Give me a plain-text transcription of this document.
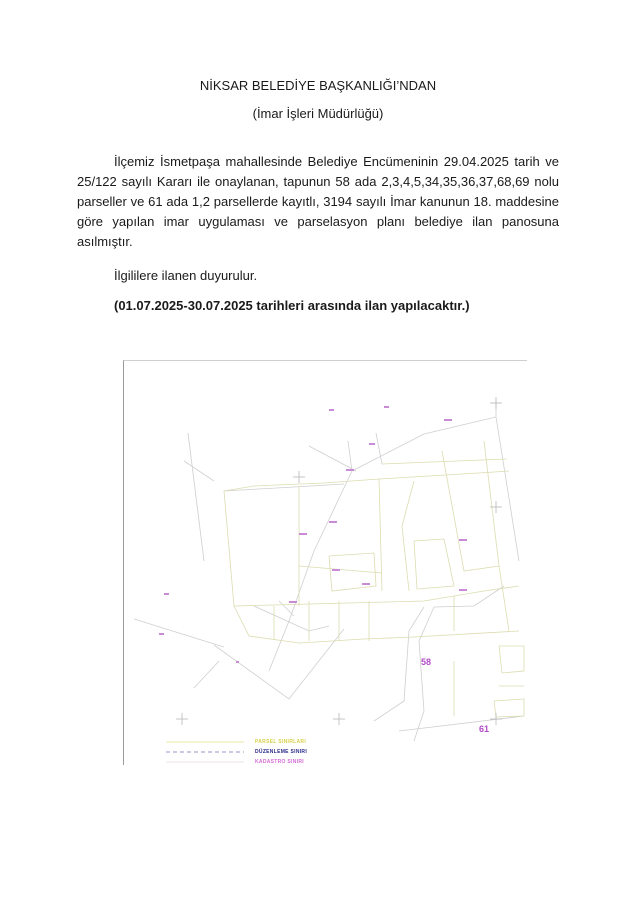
NİKSAR BELEDİYE BAŞKANLIĞI’NDAN
(İmar İşleri Müdürlüğü)
İlçemiz İsmetpaşa mahallesinde Belediye Encümeninin 29.04.2025 tarih ve 25/122 sayılı Kararı ile onaylanan, tapunun 58 ada 2,3,4,5,34,35,36,37,68,69 nolu parseller ve 61 ada 1,2 parsellerde kayıtlı, 3194 sayılı İmar kanunun 18. maddesine göre yapılan imar uygulaması ve parselasyon planı belediye ilan panosuna asılmıştır.
İlgililere ilanen duyurulur.
(01.07.2025-30.07.2025 tarihleri arasında ilan yapılacaktır.)
58
61
PARSEL SINIRLARI
DÜZENLEME SINIRI
KADASTRO SINIRI
